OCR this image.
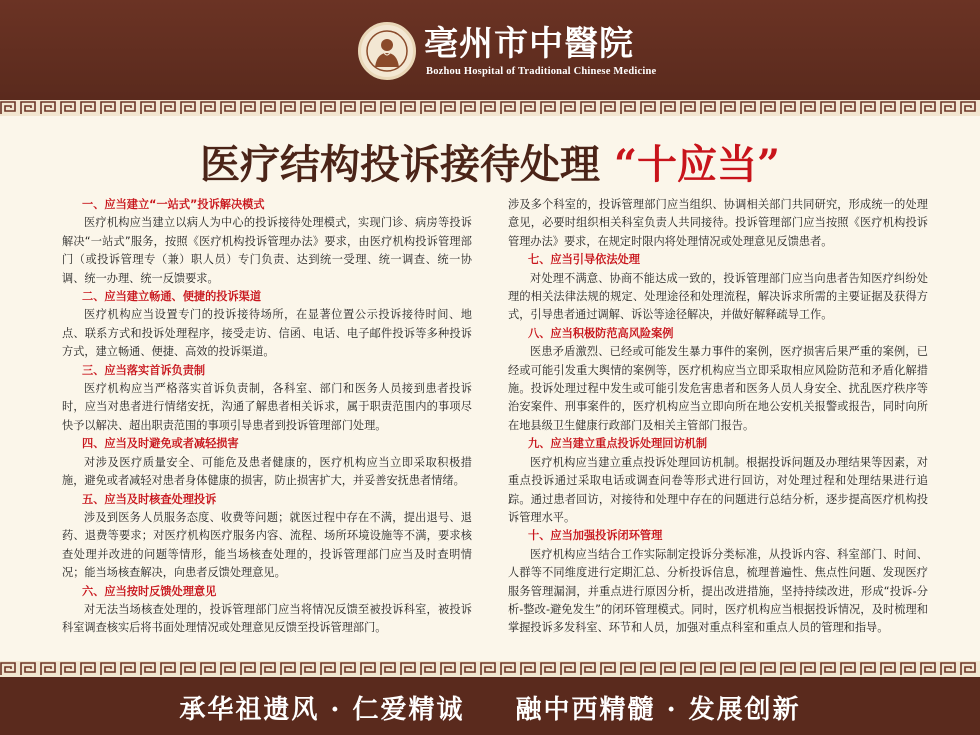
亳州市中醫院
Bozhou Hospital of Traditional Chinese Medicine
医疗结构投诉接待处理 “十应当”
一、应当建立“一站式”投诉解决模式
医疗机构应当建立以病人为中心的投诉接待处理模式，实现门诊、病房等投诉解决“一站式”服务，按照《医疗机构投诉管理办法》要求，由医疗机构投诉管理部门（或投诉管理专（兼）职人员）专门负责、达到统一受理、统一调查、统一协调、统一办理、统一反馈要求。
二、应当建立畅通、便捷的投诉渠道
医疗机构应当设置专门的投诉接待场所，在显著位置公示投诉接待时间、地点、联系方式和投诉处理程序，接受走访、信函、电话、电子邮件投诉等多种投诉方式，建立畅通、便捷、高效的投诉渠道。
三、应当落实首诉负责制
医疗机构应当严格落实首诉负责制，各科室、部门和医务人员接到患者投诉时，应当对患者进行情绪安抚，沟通了解患者相关诉求，属于职责范围内的事项尽快予以解决、超出职责范围的事项引导患者到投诉管理部门处理。
四、应当及时避免或者减轻损害
对涉及医疗质量安全、可能危及患者健康的，医疗机构应当立即采取积极措施，避免或者减轻对患者身体健康的损害，防止损害扩大，并妥善安抚患者情绪。
五、应当及时核查处理投诉
涉及到医务人员服务态度、收费等问题；就医过程中存在不满，提出退号、退药、退费等要求；对医疗机构医疗服务内容、流程、场所环境设施等不满，要求核查处理并改进的问题等情形，能当场核查处理的，投诉管理部门应当及时查明情况；能当场核查解决，向患者反馈处理意见。
六、应当按时反馈处理意见
对无法当场核查处理的，投诉管理部门应当将情况反馈至被投诉科室，被投诉科室调查核实后将书面处理情况或处理意见反馈至投诉管理部门。
涉及多个科室的，投诉管理部门应当组织、协调相关部门共同研究，形成统一的处理意见，必要时组织相关科室负责人共同接待。投诉管理部门应当按照《医疗机构投诉管理办法》要求，在规定时限内将处理情况或处理意见反馈患者。
七、应当引导依法处理
对处理不满意、协商不能达成一致的，投诉管理部门应当向患者告知医疗纠纷处理的相关法律法规的规定、处理途径和处理流程，解决诉求所需的主要证据及获得方式，引导患者通过调解、诉讼等途径解决，并做好解释疏导工作。
八、应当积极防范高风险案例
医患矛盾激烈、已经或可能发生暴力事件的案例，医疗损害后果严重的案例，已经或可能引发重大舆情的案例等，医疗机构应当立即采取相应风险防范和矛盾化解措施。投诉处理过程中发生或可能引发危害患者和医务人员人身安全、扰乱医疗秩序等治安案件、刑事案件的，医疗机构应当立即向所在地公安机关报警或报告，同时向所在地县级卫生健康行政部门及相关主管部门报告。
九、应当建立重点投诉处理回访机制
医疗机构应当建立重点投诉处理回访机制。根据投诉问题及办理结果等因素，对重点投诉通过采取电话或调查问卷等形式进行回访，对处理过程和处理结果进行追踪。通过患者回访，对接待和处理中存在的问题进行总结分析，逐步提高医疗机构投诉管理水平。
十、应当加强投诉闭环管理
医疗机构应当结合工作实际制定投诉分类标准，从投诉内容、科室部门、时间、人群等不同维度进行定期汇总、分析投诉信息，梳理普遍性、焦点性问题、发现医疗服务管理漏洞，并重点进行原因分析，提出改进措施，坚持持续改进，形成“投诉-分析-整改-避免发生”的闭环管理模式。同时，医疗机构应当根据投诉情况，及时梳理和掌握投诉多发科室、环节和人员，加强对重点科室和重点人员的管理和指导。
承华祖遗风 · 仁爱精诚 融中西精髓 · 发展创新
